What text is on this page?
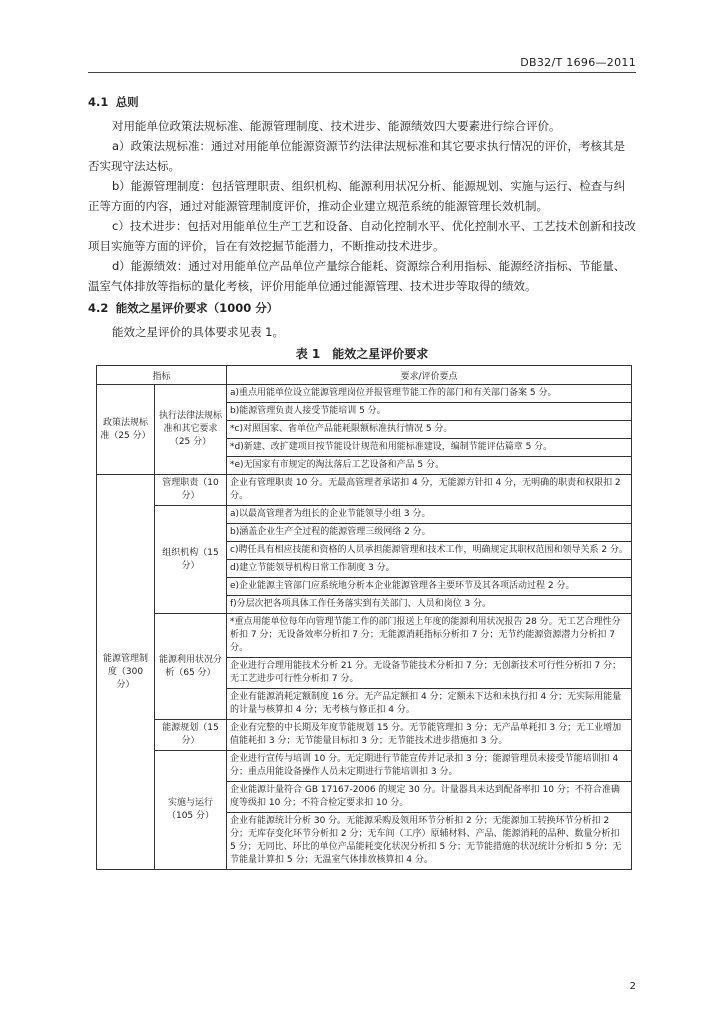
DB32/T 1696—2011
4.1 总则
对用能单位政策法规标准、能源管理制度、技术进步、能源绩效四大要素进行综合评价。
a）政策法规标准：通过对用能单位能源资源节约法律法规标准和其它要求执行情况的评价，考核其是否实现守法达标。
b）能源管理制度：包括管理职责、组织机构、能源利用状况分析、能源规划、实施与运行、检查与纠正等方面的内容，通过对能源管理制度评价，推动企业建立规范系统的能源管理长效机制。
c）技术进步：包括对用能单位生产工艺和设备、自动化控制水平、优化控制水平、工艺技术创新和技改项目实施等方面的评价，旨在有效挖掘节能潜力，不断推动技术进步。
d）能源绩效：通过对用能单位产品单位产量综合能耗、资源综合利用指标、能源经济指标、节能量、温室气体排放等指标的量化考核，评价用能单位通过能源管理、技术进步等取得的绩效。
4.2 能效之星评价要求（1000 分）
能效之星评价的具体要求见表 1。
表 1　能效之星评价要求
指标		要求/评价要点
政策法规标准（25 分）	执行法律法规标准和其它要求（25 分）	a)重点用能单位设立能源管理岗位并报管理节能工作的部门和有关部门备案 5 分。
		b)能源管理负责人接受节能培训 5 分。
		*c)对照国家、省单位产品能耗限额标准执行情况 5 分。
		*d)新建、改扩建项目按节能设计规范和用能标准建设，编制节能评估篇章 5 分。
		*e)无国家有市规定的淘汰落后工艺设备和产品 5 分。
能源管理制度（300 分）	管理职责（10 分）	企业有管理职责 10 分。无最高管理者承诺扣 4 分，无能源方针扣 4 分，无明确的职责和权限扣 2 分。
	组织机构（15 分）	a)以最高管理者为组长的企业节能领导小组 3 分。
		b)涵盖企业生产全过程的能源管理三级网络 2 分。
		c)聘任具有相应技能和资格的人员承担能源管理和技术工作，明确规定其职权范围和领导关系 2 分。
		d)建立节能领导机构日常工作制度 3 分。
		e)企业能源主管部门应系统地分析本企业能源管理各主要环节及其各项活动过程 2 分。
		f)分层次把各项具体工作任务落实到有关部门、人员和岗位 3 分。
	能源利用状况分析（65 分）	*重点用能单位每年向管理节能工作的部门报送上年度的能源利用状况报告 28 分。无工艺合理性分析扣 7 分；无设备效率分析扣 7 分；无能源消耗指标分析扣 7 分；无节约能源资源潜力分析扣 7 分。
		企业进行合理用能技术分析 21 分。无设备节能技术分析扣 7 分；无创新技术可行性分析扣 7 分；无工艺进步可行性分析扣 7 分。
		企业有能源消耗定额制度 16 分。无产品定额扣 4 分；定额未下达和未执行扣 4 分；无实际用能量的计量与核算扣 4 分；无考核与修正扣 4 分。
	能源规划（15 分）	企业有完整的中长期及年度节能规划 15 分。无节能管理扣 3 分；无产品单耗扣 3 分；无工业增加值能耗扣 3 分；无节能量目标扣 3 分；无节能技术进步措施扣 3 分。
	实施与运行（105 分）	企业进行宣传与培训 10 分。无定期进行节能宣传并记录扣 3 分；能源管理员未接受节能培训扣 4 分；重点用能设备操作人员未定期进行节能培训扣 3 分。
		企业能源计量符合 GB 17167-2006 的规定 30 分。计量器具未达到配备率扣 10 分；不符合准确度等级扣 10 分；不符合检定要求扣 10 分。
		企业有能源统计分析 30 分。无能源采购及领用环节分析扣 2 分；无能源加工转换环节分析扣 2 分；无库存变化环节分析扣 2 分；无车间（工序）原辅材料、产品、能源消耗的品种、数量分析扣 5 分；无同比、环比的单位产品能耗变化状况分析扣 5 分；无节能措施的状况统计分析扣 5 分；无节能量计算扣 5 分；无温室气体排放核算扣 4 分。
2
